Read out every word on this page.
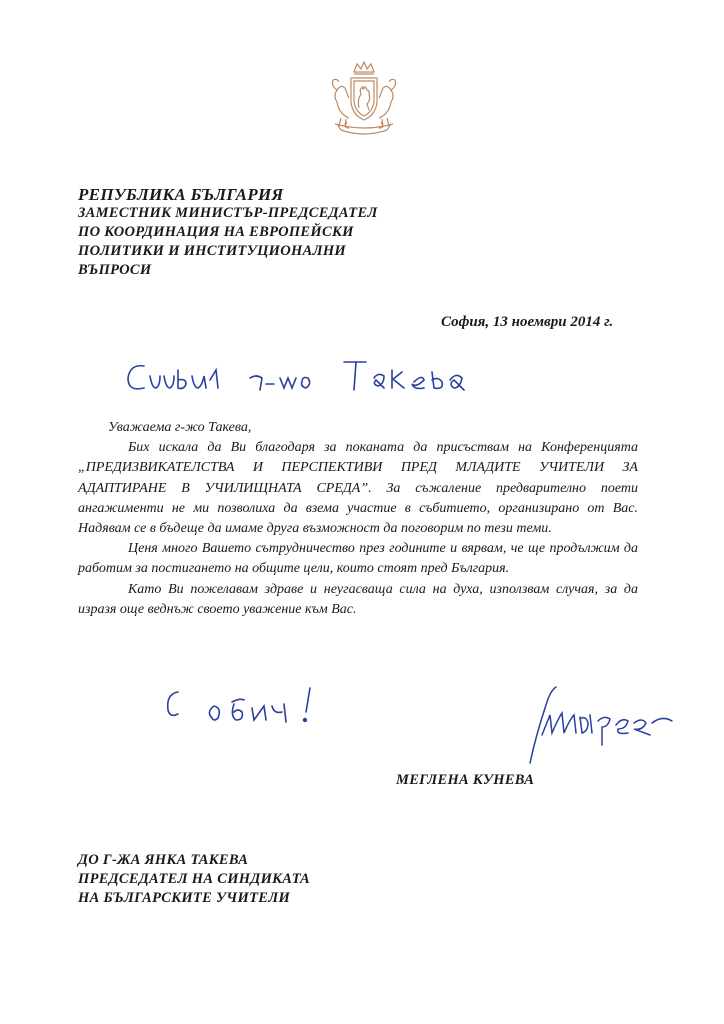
РЕПУБЛИКА БЪЛГАРИЯ
ЗАМЕСТНИК МИНИСТЪР-ПРЕДСЕДАТЕЛ
ПО КООРДИНАЦИЯ НА ЕВРОПЕЙСКИ
ПОЛИТИКИ И ИНСТИТУЦИОНАЛНИ
ВЪПРОСИ
София, 13 ноември 2014 г.

Уважаема г-жо Такева,

Бих искала да Ви благодаря за поканата да присъствам на Конференцията „ПРЕДИЗВИКАТЕЛСТВА И ПЕРСПЕКТИВИ ПРЕД МЛАДИТЕ УЧИТЕЛИ ЗА АДАПТИРАНЕ В УЧИЛИЩНАТА СРЕДА”. За съжаление предварително поети ангажименти не ми позволиха да взема участие в събитието, организирано от Вас. Надявам се в бъдеще да имаме друга възможност да поговорим по тези теми.

Ценя много Вашето сътрудничество през годините и вярвам, че ще продължим да работим за постигането на общите цели, които стоят пред България.

Като Ви пожелавам здраве и неугасваща сила на духа, използвам случая, за да изразя още веднъж своето уважение към Вас.

МЕГЛЕНА КУНЕВА
ДО Г-ЖА ЯНКА ТАКЕВА
ПРЕДСЕДАТЕЛ НА СИНДИКАТА
НА БЪЛГАРСКИТЕ УЧИТЕЛИ
